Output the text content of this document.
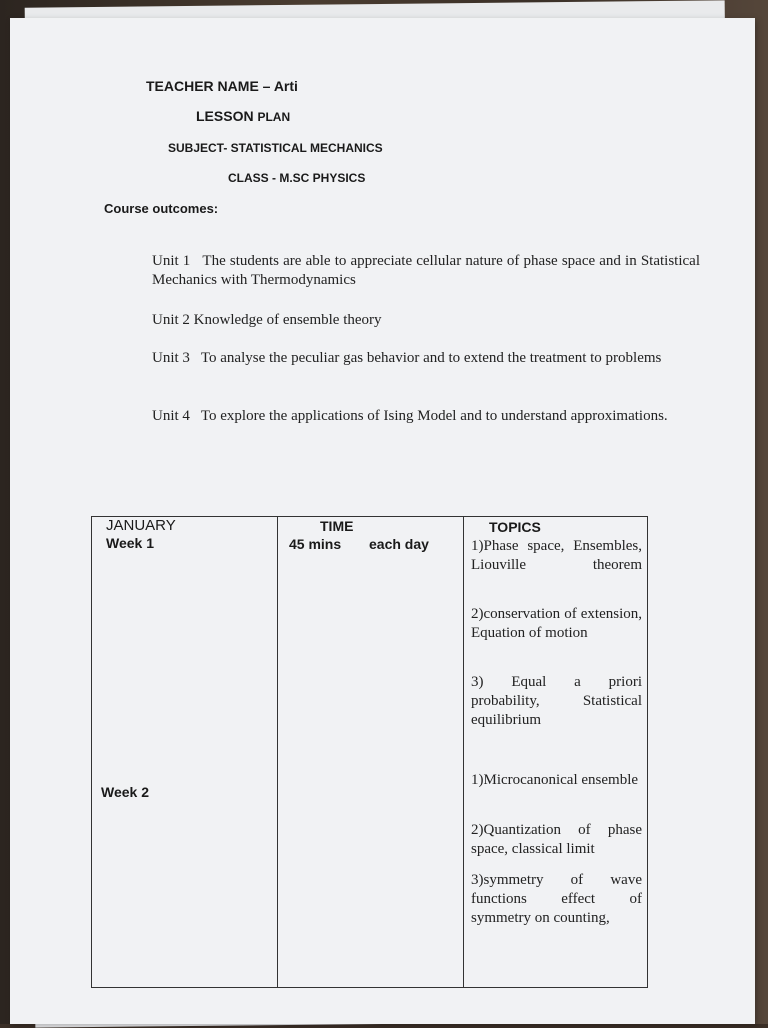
TEACHER NAME – Arti
LESSON PLAN
SUBJECT- STATISTICAL MECHANICS
CLASS - M.SC PHYSICS
Course outcomes:
Unit 1 The students are able to appreciate cellular nature of phase space and in Statistical Mechanics with Thermodynamics
Unit 2 Knowledge of ensemble theory
Unit 3 To analyse the peculiar gas behavior and to extend the treatment to problems
Unit 4 To explore the applications of Ising Model and to understand approximations.
JANUARY
Week 1
Week 2
TIME
45 mins each day
TOPICS
1)Phase space, Ensembles, Liouville theorem
2)conservation of extension, Equation of motion
3) Equal a priori probability, Statistical equilibrium
1)Microcanonical ensemble
2)Quantization of phase space, classical limit
3)symmetry of wave functions effect of symmetry on counting,
